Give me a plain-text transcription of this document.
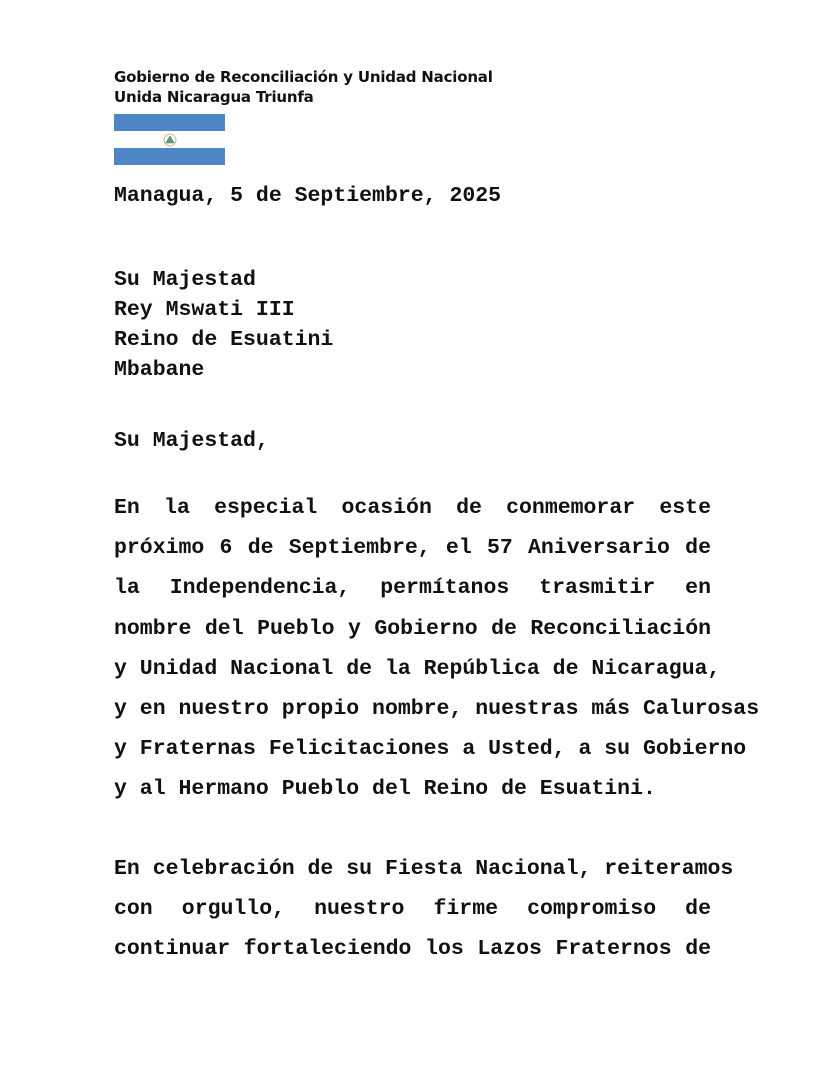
Gobierno de Reconciliación y Unidad Nacional
Unida Nicaragua Triunfa
Managua, 5 de Septiembre, 2025
Su Majestad
Rey Mswati III
Reino de Esuatini
Mbabane
Su Majestad,
En la especial ocasión de conmemorar este
próximo 6 de Septiembre, el 57 Aniversario de
la Independencia, permítanos trasmitir en
nombre del Pueblo y Gobierno de Reconciliación
y Unidad Nacional de la República de Nicaragua,
y en nuestro propio nombre, nuestras más Calurosas
y Fraternas Felicitaciones a Usted, a su Gobierno
y al Hermano Pueblo del Reino de Esuatini.
En celebración de su Fiesta Nacional, reiteramos
con orgullo, nuestro firme compromiso de
continuar fortaleciendo los Lazos Fraternos de
